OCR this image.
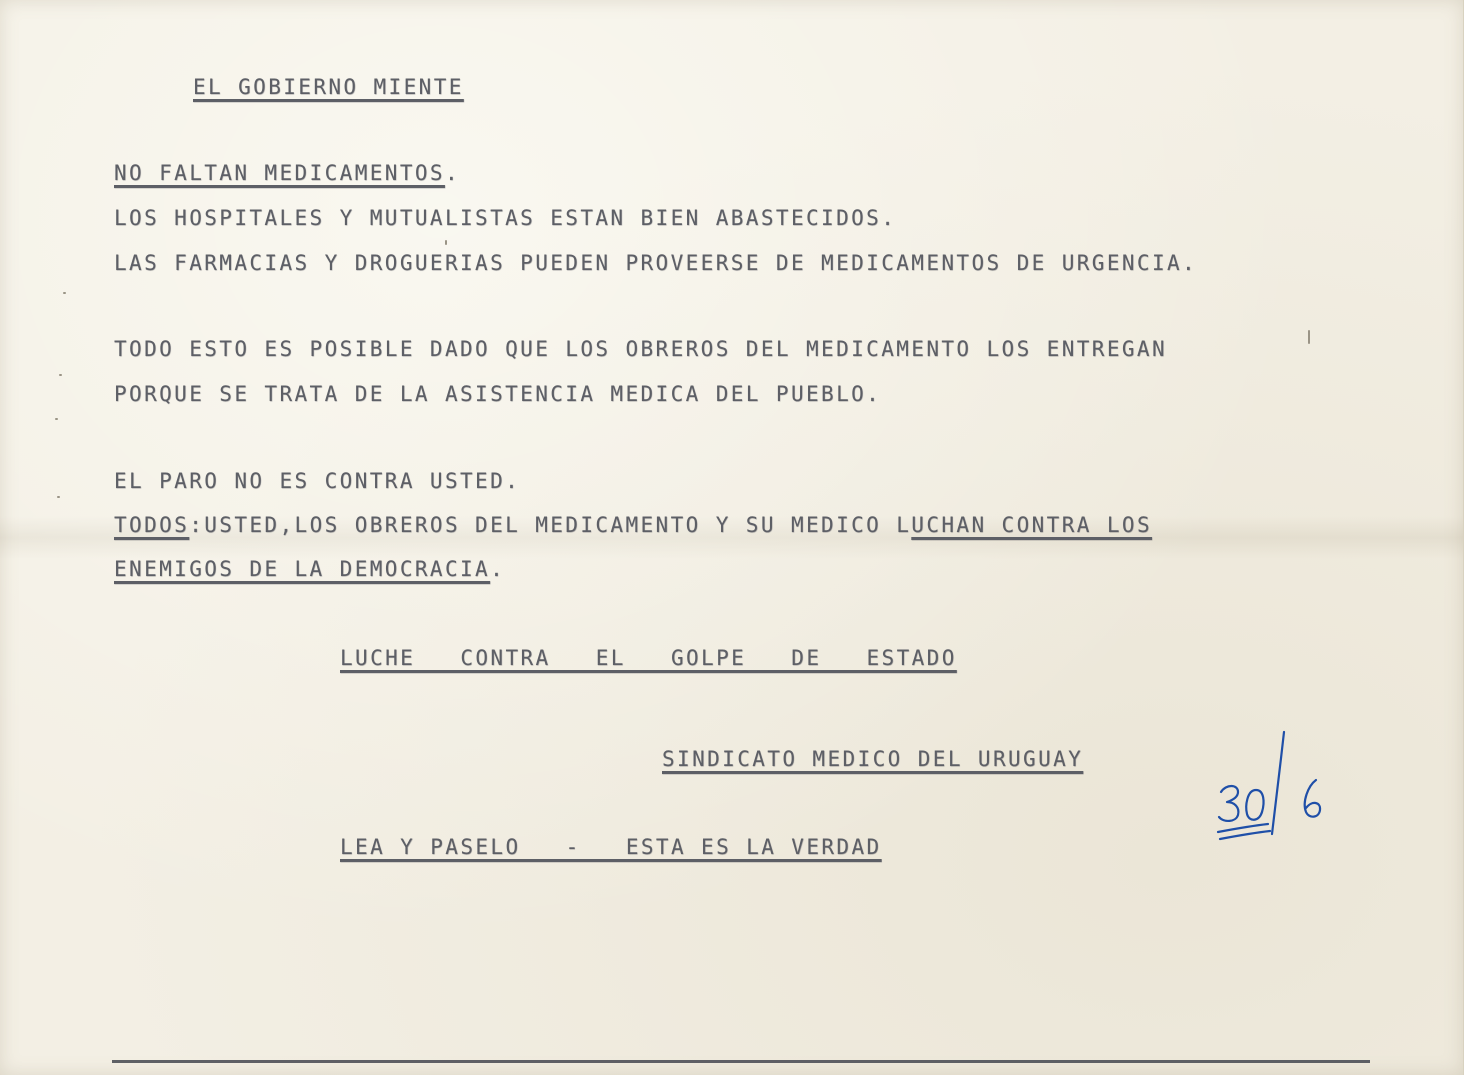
EL GOBIERNO MIENTE

NO FALTAN MEDICAMENTOS.

LOS HOSPITALES Y MUTUALISTAS ESTAN BIEN ABASTECIDOS.

LAS FARMACIAS Y DROGUERIAS PUEDEN PROVEERSE DE MEDICAMENTOS DE URGENCIA.

TODO ESTO ES POSIBLE DADO QUE LOS OBREROS DEL MEDICAMENTO LOS ENTREGAN

PORQUE SE TRATA DE LA ASISTENCIA MEDICA DEL PUEBLO.

EL PARO NO ES CONTRA USTED.

TODOS:USTED,LOS OBREROS DEL MEDICAMENTO Y SU MEDICO LUCHAN CONTRA LOS

ENEMIGOS DE LA DEMOCRACIA.

LUCHE   CONTRA   EL   GOLPE   DE   ESTADO

SINDICATO MEDICO DEL URUGUAY

LEA Y PASELO   -   ESTA ES LA VERDAD
